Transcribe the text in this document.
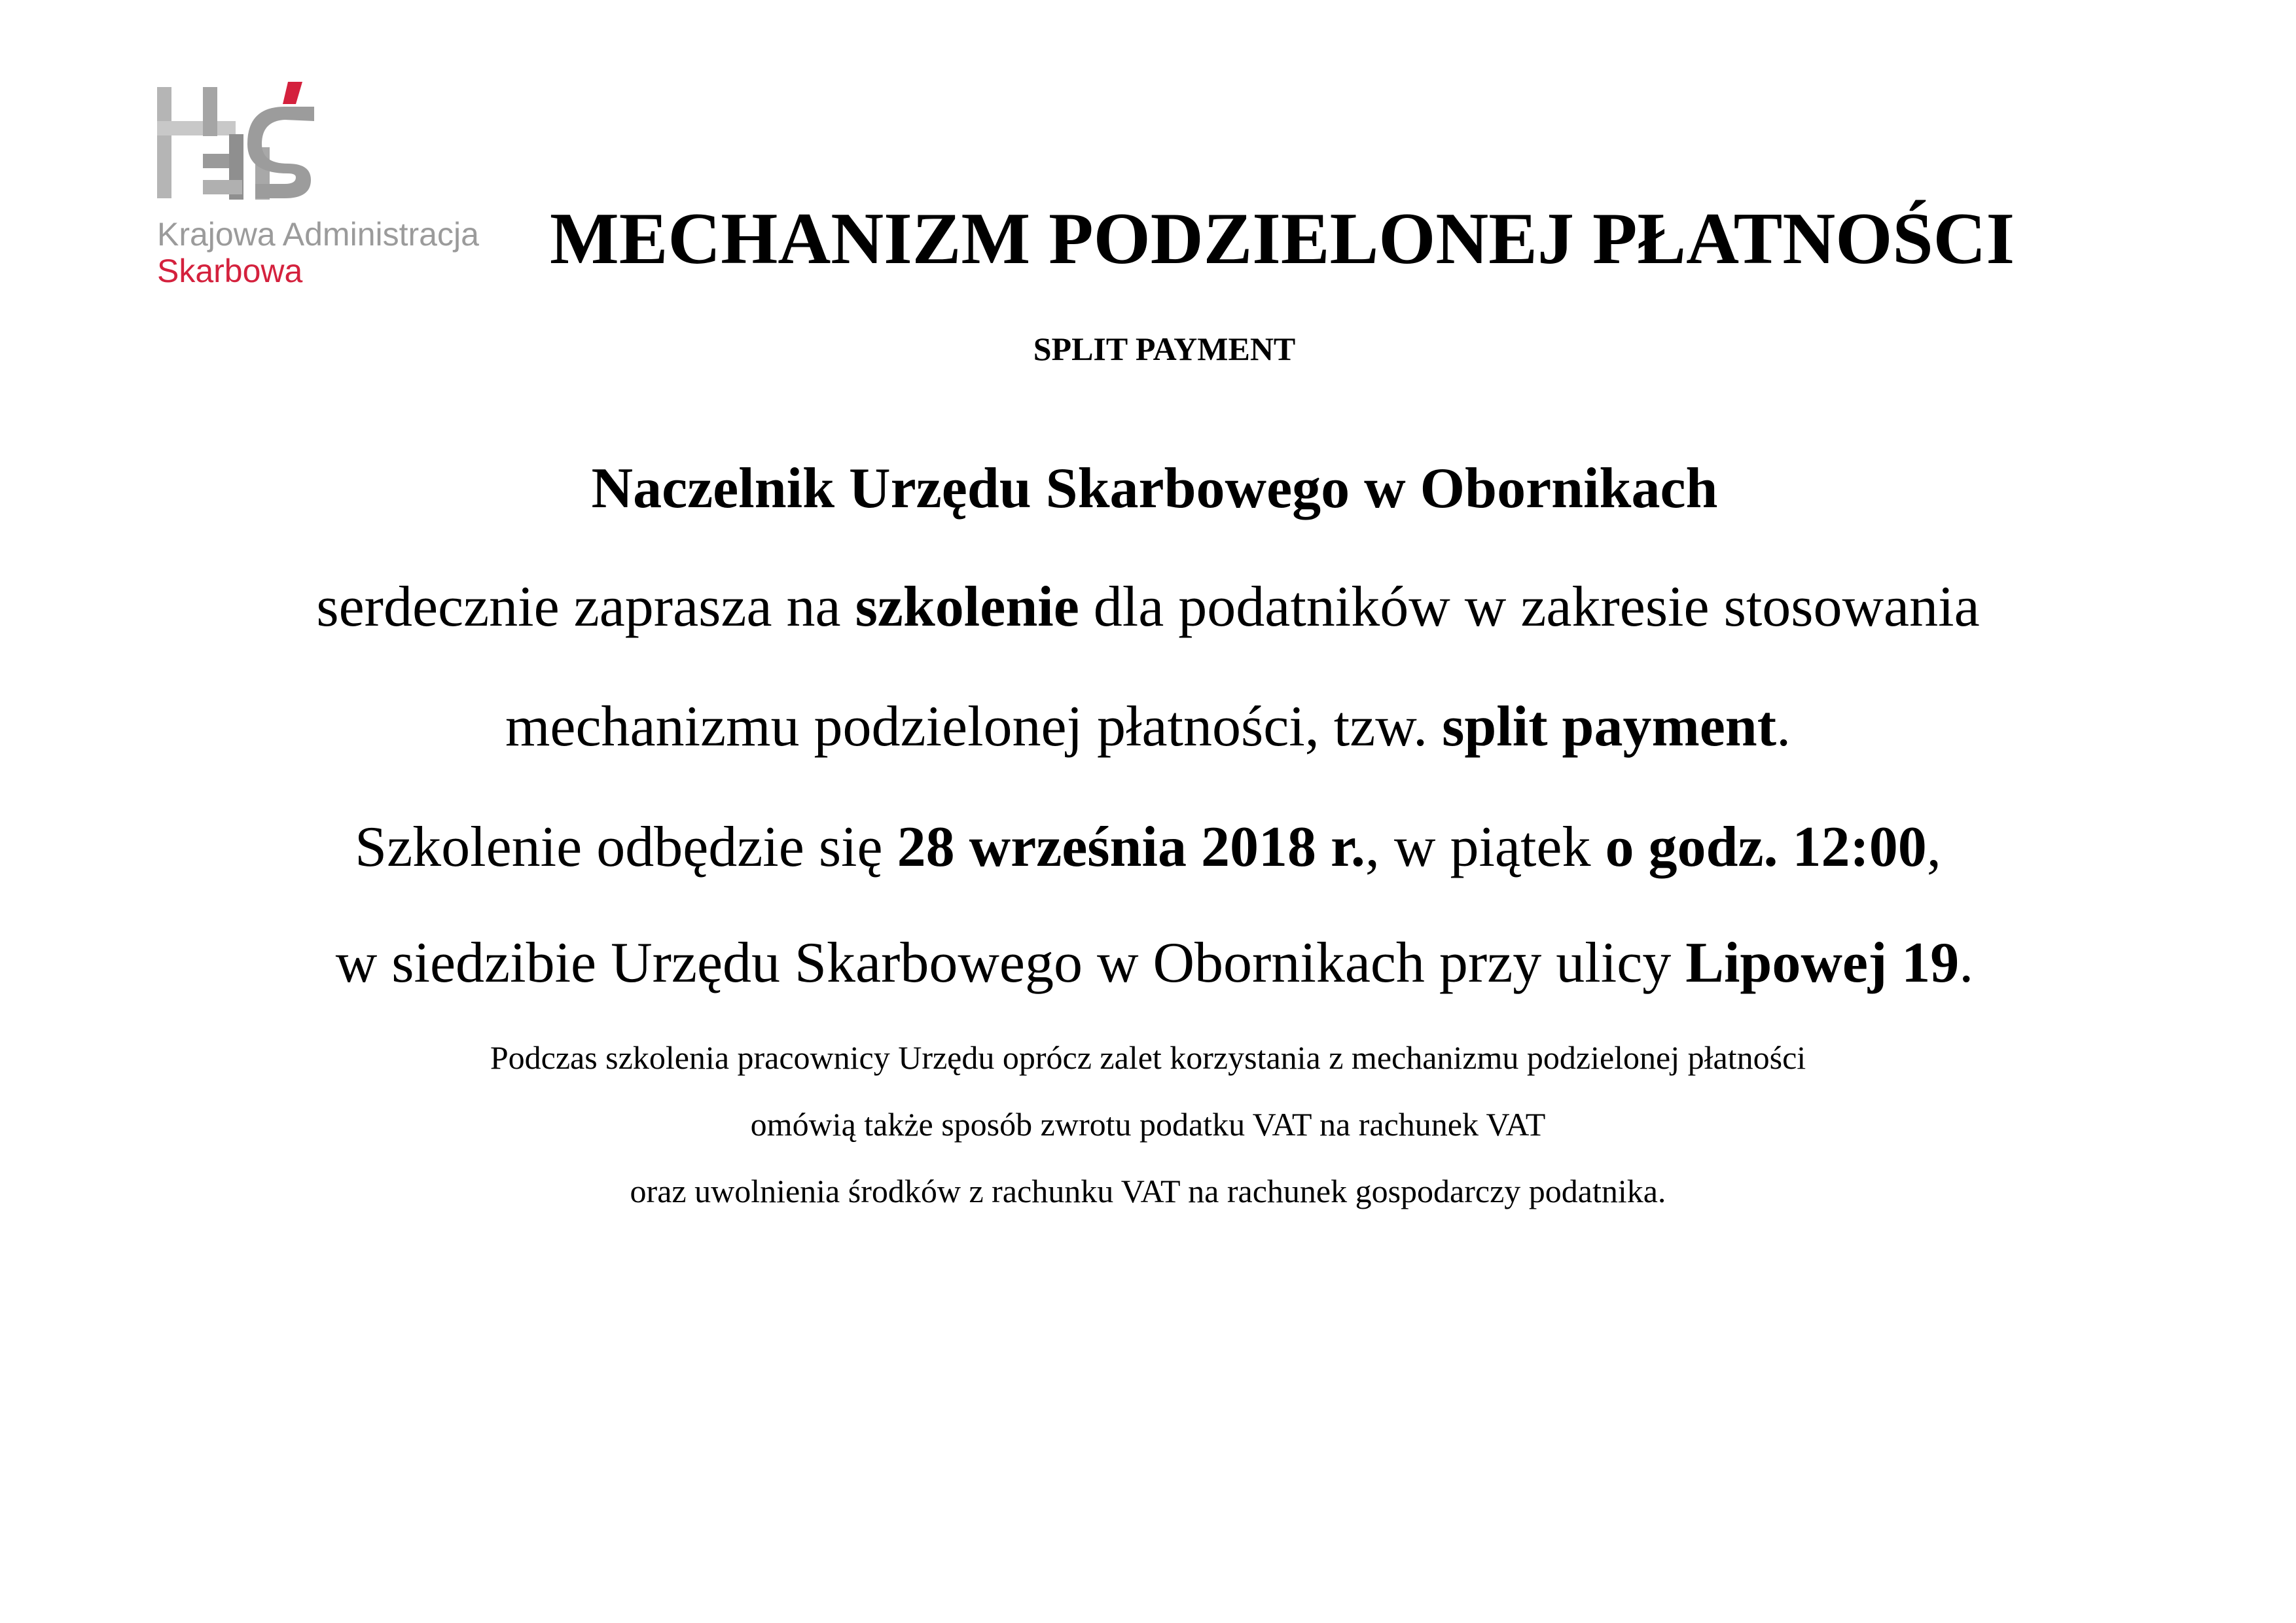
Krajowa Administracja
Skarbowa	MECHANIZM PODZIELONEJ PŁATNOŚCI
SPLIT PAYMENT
Naczelnik Urzędu Skarbowego w Obornikach
serdecznie zaprasza na szkolenie dla podatników w zakresie stosowania
mechanizmu podzielonej płatności, tzw. split payment.
Szkolenie odbędzie się 28 września 2018 r., w piątek o godz. 12:00,
w siedzibie Urzędu Skarbowego w Obornikach przy ulicy Lipowej 19.
Podczas szkolenia pracownicy Urzędu oprócz zalet korzystania z mechanizmu podzielonej płatności
omówią także sposób zwrotu podatku VAT na rachunek VAT
oraz uwolnienia środków z rachunku VAT na rachunek gospodarczy podatnika.
